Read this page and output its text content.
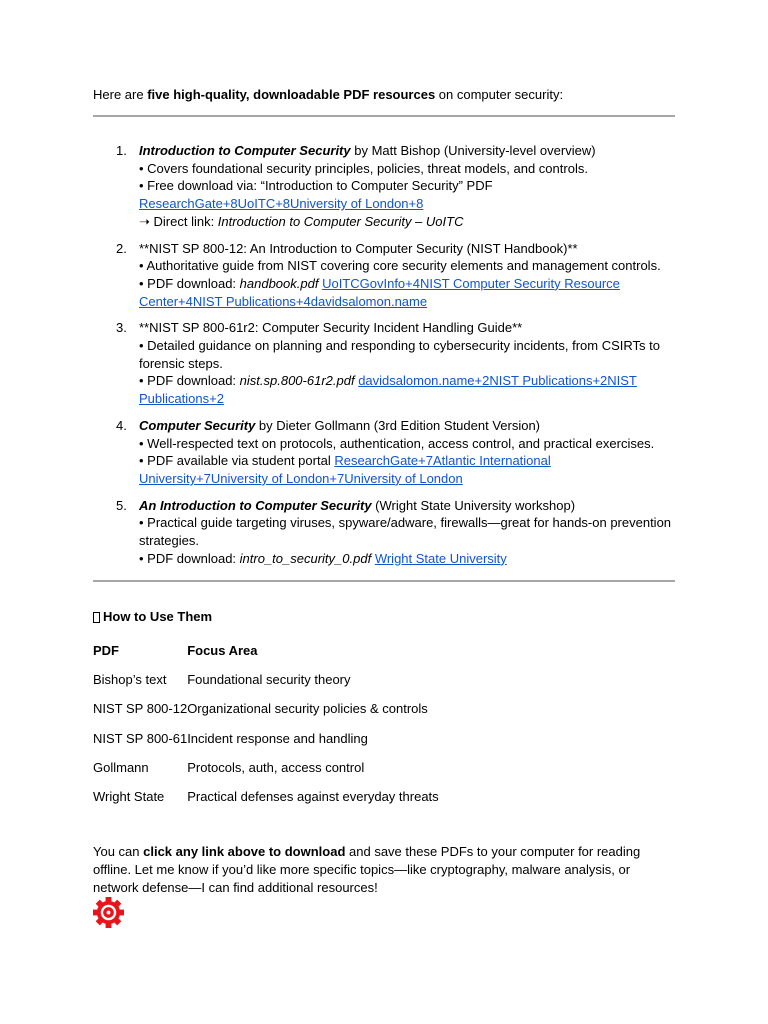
Here are five high-quality, downloadable PDF resources on computer security:

1. Introduction to Computer Security by Matt Bishop (University-level overview)
• Covers foundational security principles, policies, threat models, and controls.
• Free download via: “Introduction to Computer Security” PDF
ResearchGate+8UoITC+8University of London+8
➝ Direct link: Introduction to Computer Security – UoITC
2. **NIST SP 800-12: An Introduction to Computer Security (NIST Handbook)**
• Authoritative guide from NIST covering core security elements and management controls.
• PDF download: handbook.pdf UoITCGovInfo+4NIST Computer Security Resource Center+4NIST Publications+4davidsalomon.name
3. **NIST SP 800-61r2: Computer Security Incident Handling Guide**
• Detailed guidance on planning and responding to cybersecurity incidents, from CSIRTs to forensic steps.
• PDF download: nist.sp.800-61r2.pdf davidsalomon.name+2NIST Publications+2NIST Publications+2
4. Computer Security by Dieter Gollmann (3rd Edition Student Version)
• Well-respected text on protocols, authentication, access control, and practical exercises.
• PDF available via student portal ResearchGate+7Atlantic International University+7University of London+7University of London
5. An Introduction to Computer Security (Wright State University workshop)
• Practical guide targeting viruses, spyware/adware, firewalls—great for hands-on prevention strategies.
• PDF download: intro_to_security_0.pdf Wright State University

How to Use Them

PDF	Focus Area
Bishop’s text	Foundational security theory
NIST SP 800-12	Organizational security policies & controls
NIST SP 800-61	Incident response and handling
Gollmann	Protocols, auth, access control
Wright State	Practical defenses against everyday threats

You can click any link above to download and save these PDFs to your computer for reading offline. Let me know if you’d like more specific topics—like cryptography, malware analysis, or network defense—I can find additional resources!
